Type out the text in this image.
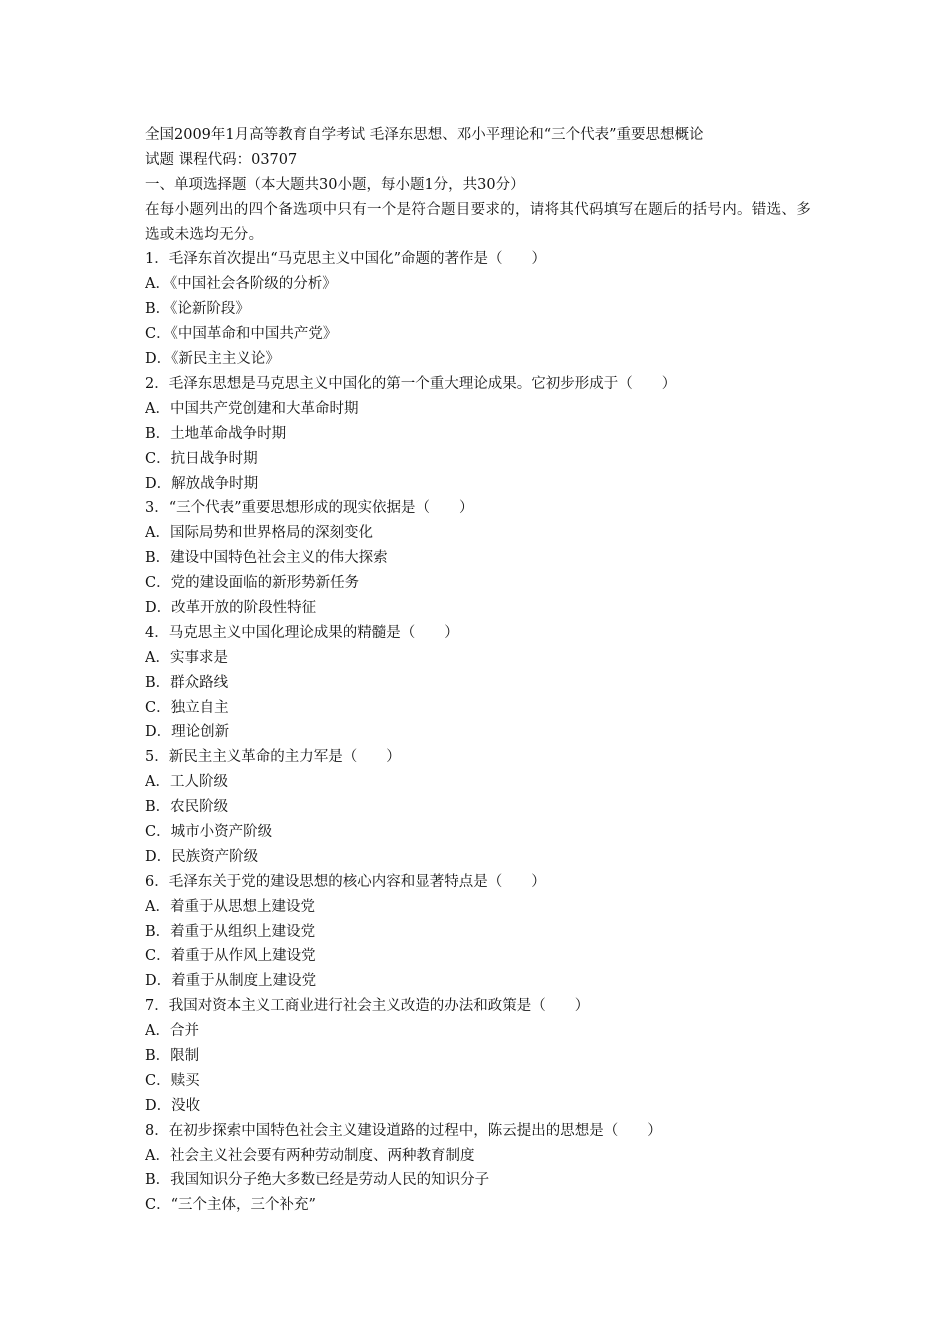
全国2009年1月高等教育自学考试 毛泽东思想、邓小平理论和“三个代表”重要思想概论
试题 课程代码：03707
一、单项选择题（本大题共30小题，每小题1分，共30分）
在每小题列出的四个备选项中只有一个是符合题目要求的，请将其代码填写在题后的括号内。错选、多选或未选均无分。
1．毛泽东首次提出“马克思主义中国化”命题的著作是（　　）
A．《中国社会各阶级的分析》
B．《论新阶段》
C．《中国革命和中国共产党》
D．《新民主主义论》
2．毛泽东思想是马克思主义中国化的第一个重大理论成果。它初步形成于（　　）
A．中国共产党创建和大革命时期
B．土地革命战争时期
C．抗日战争时期
D．解放战争时期
3．“三个代表”重要思想形成的现实依据是（　　）
A．国际局势和世界格局的深刻变化
B．建设中国特色社会主义的伟大探索
C．党的建设面临的新形势新任务
D．改革开放的阶段性特征
4．马克思主义中国化理论成果的精髓是（　　）
A．实事求是
B．群众路线
C．独立自主
D．理论创新
5．新民主主义革命的主力军是（　　）
A．工人阶级
B．农民阶级
C．城市小资产阶级
D．民族资产阶级
6．毛泽东关于党的建设思想的核心内容和显著特点是（　　）
A．着重于从思想上建设党
B．着重于从组织上建设党
C．着重于从作风上建设党
D．着重于从制度上建设党
7．我国对资本主义工商业进行社会主义改造的办法和政策是（　　）
A．合并
B．限制
C．赎买
D．没收
8．在初步探索中国特色社会主义建设道路的过程中，陈云提出的思想是（　　）
A．社会主义社会要有两种劳动制度、两种教育制度
B．我国知识分子绝大多数已经是劳动人民的知识分子
C．“三个主体，三个补充”
